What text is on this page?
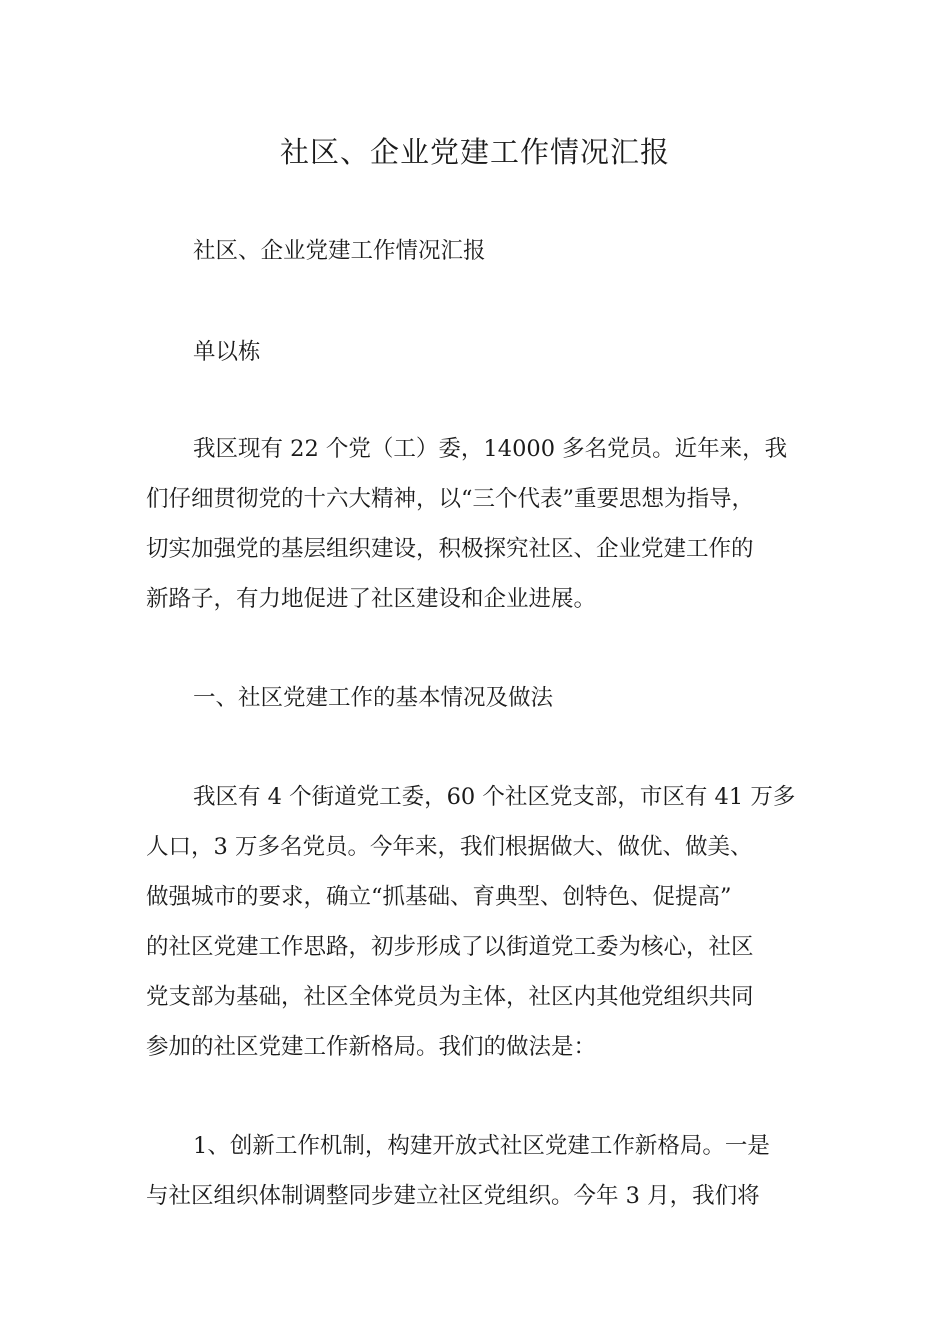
社区、企业党建工作情况汇报
社区、企业党建工作情况汇报
单以栋
我区现有 22 个党（工）委，14000 多名党员。近年来，我
们仔细贯彻党的十六大精神，以“三个代表”重要思想为指导，
切实加强党的基层组织建设，积极探究社区、企业党建工作的
新路子，有力地促进了社区建设和企业进展。
一、社区党建工作的基本情况及做法
我区有 4 个街道党工委，60 个社区党支部，市区有 41 万多
人口，3 万多名党员。今年来，我们根据做大、做优、做美、
做强城市的要求，确立“抓基础、育典型、创特色、促提高”
的社区党建工作思路，初步形成了以街道党工委为核心，社区
党支部为基础，社区全体党员为主体，社区内其他党组织共同
参加的社区党建工作新格局。我们的做法是：
1、创新工作机制，构建开放式社区党建工作新格局。一是
与社区组织体制调整同步建立社区党组织。今年 3 月，我们将
